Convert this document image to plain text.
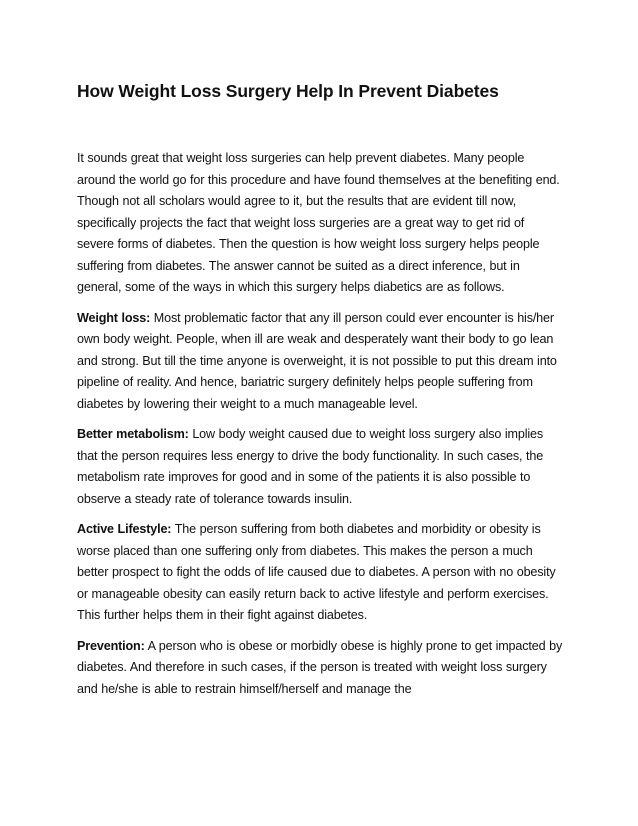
How Weight Loss Surgery Help In Prevent Diabetes

It sounds great that weight loss surgeries can help prevent diabetes. Many people around the world go for this procedure and have found themselves at the benefiting end. Though not all scholars would agree to it, but the results that are evident till now, specifically projects the fact that weight loss surgeries are a great way to get rid of severe forms of diabetes. Then the question is how weight loss surgery helps people suffering from diabetes. The answer cannot be suited as a direct inference, but in general, some of the ways in which this surgery helps diabetics are as follows.

Weight loss: Most problematic factor that any ill person could ever encounter is his/her own body weight. People, when ill are weak and desperately want their body to go lean and strong. But till the time anyone is overweight, it is not possible to put this dream into pipeline of reality. And hence, bariatric surgery definitely helps people suffering from diabetes by lowering their weight to a much manageable level.

Better metabolism: Low body weight caused due to weight loss surgery also implies that the person requires less energy to drive the body functionality. In such cases, the metabolism rate improves for good and in some of the patients it is also possible to observe a steady rate of tolerance towards insulin.

Active Lifestyle: The person suffering from both diabetes and morbidity or obesity is worse placed than one suffering only from diabetes. This makes the person a much better prospect to fight the odds of life caused due to diabetes. A person with no obesity or manageable obesity can easily return back to active lifestyle and perform exercises. This further helps them in their fight against diabetes.

Prevention: A person who is obese or morbidly obese is highly prone to get impacted by diabetes. And therefore in such cases, if the person is treated with weight loss surgery and he/she is able to restrain himself/herself and manage the
